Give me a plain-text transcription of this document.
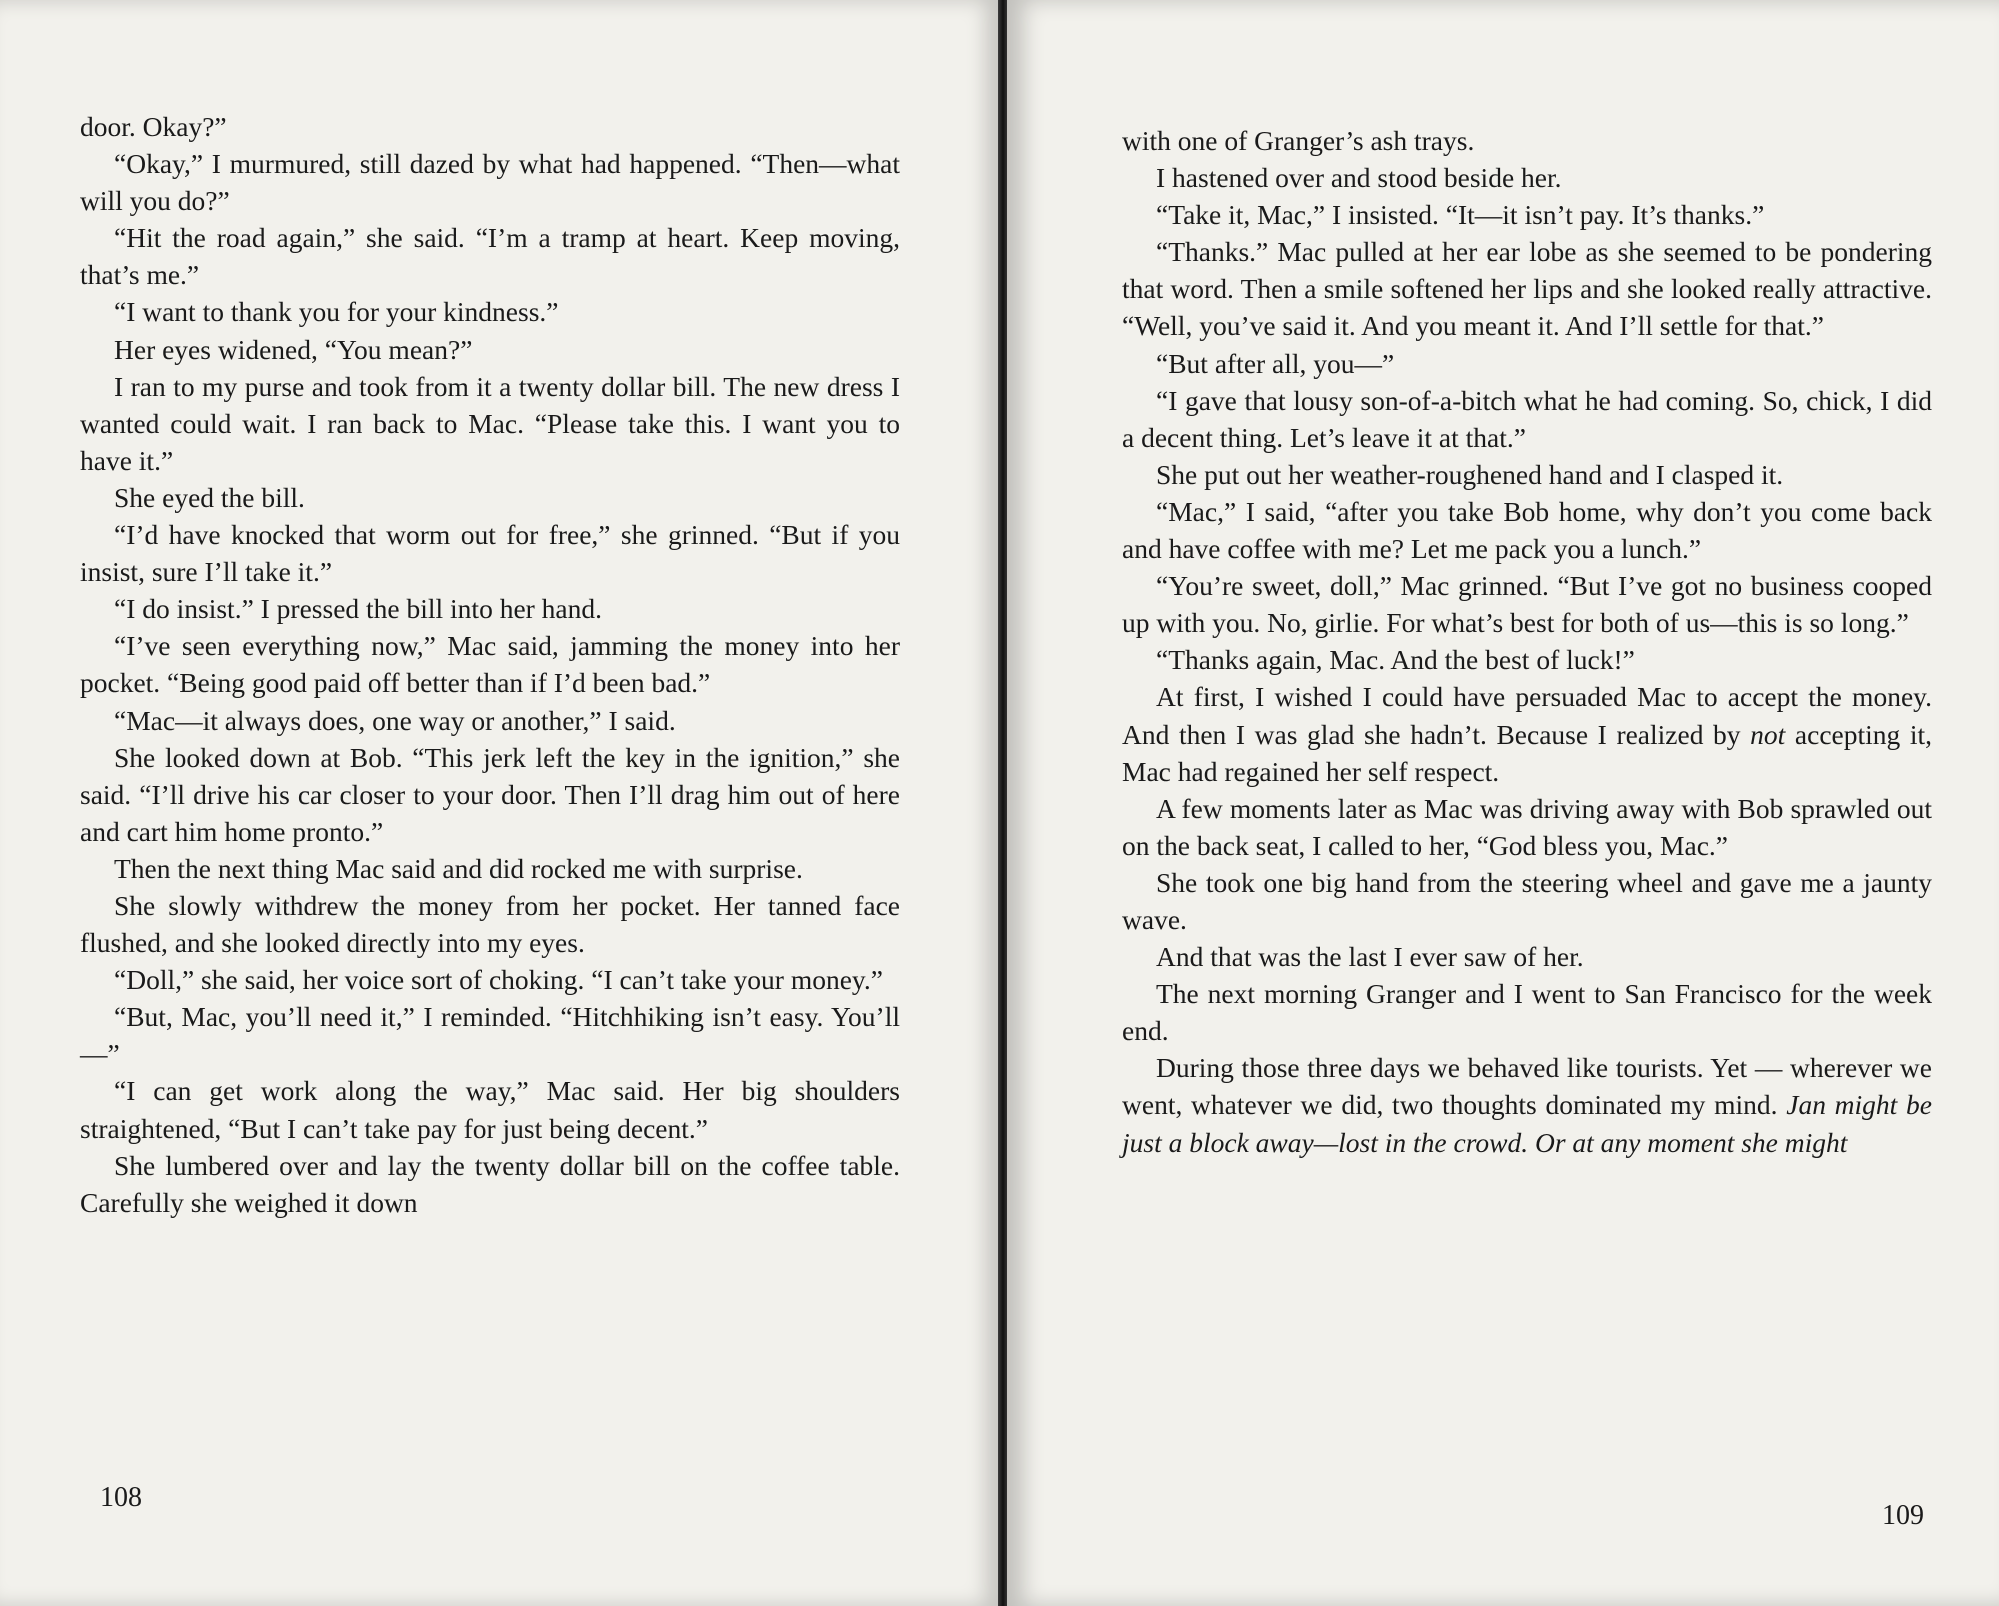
door. Okay?”

“Okay,” I murmured, still dazed by what had happened. “Then—what will you do?”

“Hit the road again,” she said. “I’m a tramp at heart. Keep moving, that’s me.”

“I want to thank you for your kindness.”

Her eyes widened, “You mean?”

I ran to my purse and took from it a twenty dollar bill. The new dress I wanted could wait. I ran back to Mac. “Please take this. I want you to have it.”

She eyed the bill.

“I’d have knocked that worm out for free,” she grinned. “But if you insist, sure I’ll take it.”

“I do insist.” I pressed the bill into her hand.

“I’ve seen everything now,” Mac said, jamming the money into her pocket. “Being good paid off better than if I’d been bad.”

“Mac—it always does, one way or another,” I said.

She looked down at Bob. “This jerk left the key in the ignition,” she said. “I’ll drive his car closer to your door. Then I’ll drag him out of here and cart him home pronto.”

Then the next thing Mac said and did rocked me with surprise.

She slowly withdrew the money from her pocket. Her tanned face flushed, and she looked directly into my eyes.

“Doll,” she said, her voice sort of choking. “I can’t take your money.”

“But, Mac, you’ll need it,” I reminded. “Hitchhiking isn’t easy. You’ll—”

“I can get work along the way,” Mac said. Her big shoulders straightened, “But I can’t take pay for just being decent.”

She lumbered over and lay the twenty dollar bill on the coffee table. Carefully she weighed it down

108

with one of Granger’s ash trays.

I hastened over and stood beside her.

“Take it, Mac,” I insisted. “It—it isn’t pay. It’s thanks.”

“Thanks.” Mac pulled at her ear lobe as she seemed to be pondering that word. Then a smile softened her lips and she looked really attractive. “Well, you’ve said it. And you meant it. And I’ll settle for that.”

“But after all, you—”

“I gave that lousy son-of-a-bitch what he had coming. So, chick, I did a decent thing. Let’s leave it at that.”

She put out her weather-roughened hand and I clasped it.

“Mac,” I said, “after you take Bob home, why don’t you come back and have coffee with me? Let me pack you a lunch.”

“You’re sweet, doll,” Mac grinned. “But I’ve got no business cooped up with you. No, girlie. For what’s best for both of us—this is so long.”

“Thanks again, Mac. And the best of luck!”

At first, I wished I could have persuaded Mac to accept the money. And then I was glad she hadn’t. Because I realized by not accepting it, Mac had regained her self respect.

A few moments later as Mac was driving away with Bob sprawled out on the back seat, I called to her, “God bless you, Mac.”

She took one big hand from the steering wheel and gave me a jaunty wave.

And that was the last I ever saw of her.

The next morning Granger and I went to San Francisco for the week end.

During those three days we behaved like tourists. Yet — wherever we went, whatever we did, two thoughts dominated my mind. Jan might be just a block away—lost in the crowd. Or at any moment she might

109
